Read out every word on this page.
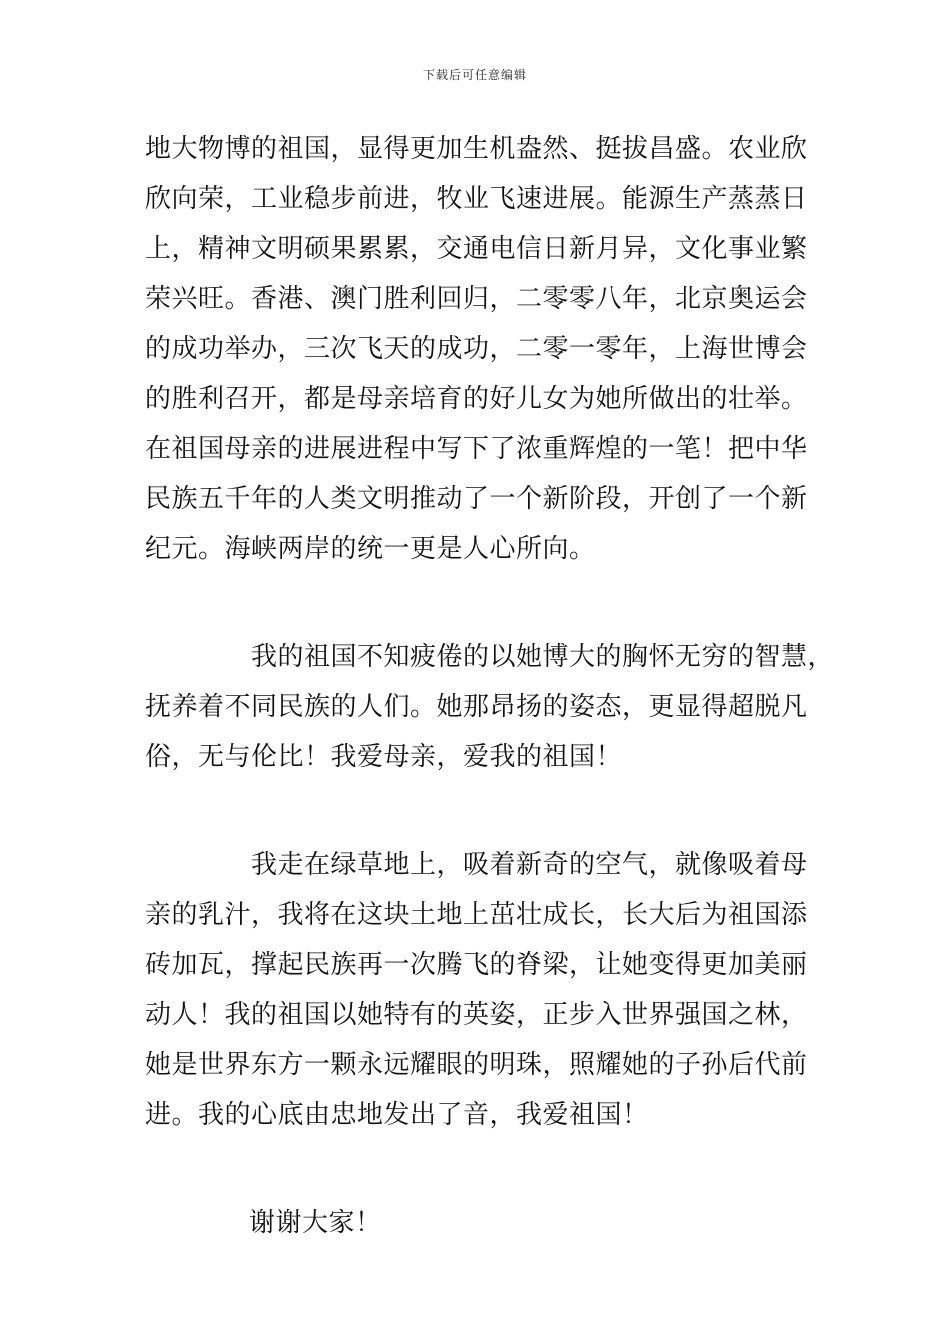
下载后可任意编辑
地大物博的祖国，显得更加生机盎然、挺拔昌盛。农业欣
欣向荣，工业稳步前进，牧业飞速进展。能源生产蒸蒸日
上，精神文明硕果累累，交通电信日新月异，文化事业繁
荣兴旺。香港、澳门胜利回归，二零零八年，北京奥运会
的成功举办，三次飞天的成功，二零一零年，上海世博会
的胜利召开，都是母亲培育的好儿女为她所做出的壮举。
在祖国母亲的进展进程中写下了浓重辉煌的一笔！把中华
民族五千年的人类文明推动了一个新阶段，开创了一个新
纪元。海峡两岸的统一更是人心所向。
我的祖国不知疲倦的以她博大的胸怀无穷的智慧，
抚养着不同民族的人们。她那昂扬的姿态，更显得超脱凡
俗，无与伦比！我爱母亲，爱我的祖国！
我走在绿草地上，吸着新奇的空气，就像吸着母
亲的乳汁，我将在这块土地上茁壮成长，长大后为祖国添
砖加瓦，撑起民族再一次腾飞的脊梁，让她变得更加美丽
动人！我的祖国以她特有的英姿，正步入世界强国之林，
她是世界东方一颗永远耀眼的明珠，照耀她的子孙后代前
进。我的心底由忠地发出了音，我爱祖国！
谢谢大家！
